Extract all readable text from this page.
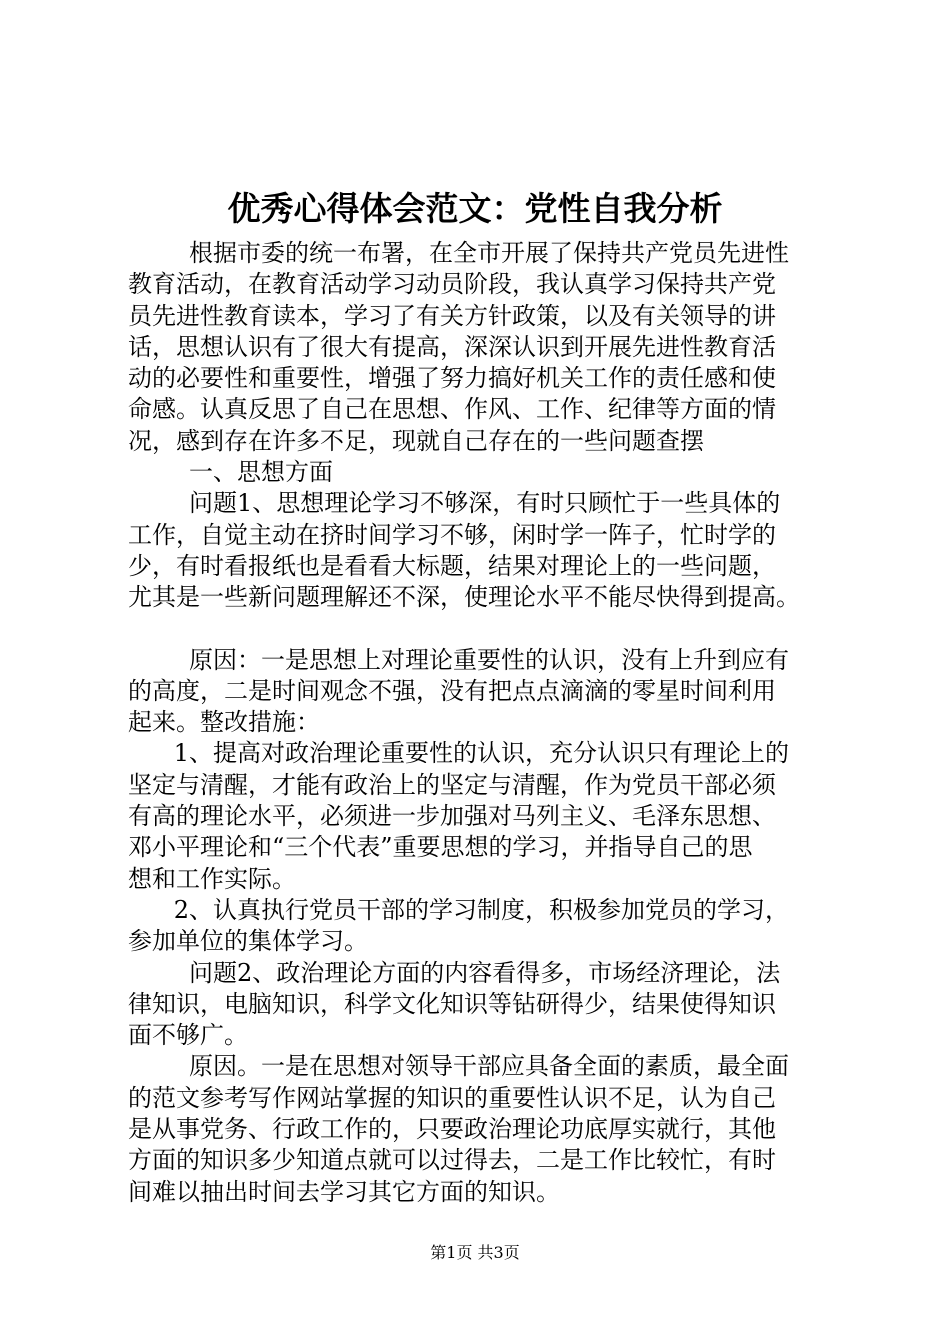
优秀心得体会范文：党性自我分析
根据市委的统一布署，在全市开展了保持共产党员先进性
教育活动，在教育活动学习动员阶段，我认真学习保持共产党
员先进性教育读本，学习了有关方针政策，以及有关领导的讲
话，思想认识有了很大有提高，深深认识到开展先进性教育活
动的必要性和重要性，增强了努力搞好机关工作的责任感和使
命感。认真反思了自己在思想、作风、工作、纪律等方面的情
况，感到存在许多不足，现就自己存在的一些问题查摆
一、思想方面
问题1、思想理论学习不够深，有时只顾忙于一些具体的
工作，自觉主动在挤时间学习不够，闲时学一阵子，忙时学的
少，有时看报纸也是看看大标题，结果对理论上的一些问题，
尤其是一些新问题理解还不深，使理论水平不能尽快得到提高。
原因：一是思想上对理论重要性的认识，没有上升到应有
的高度，二是时间观念不强，没有把点点滴滴的零星时间利用
起来。整改措施：
1、提高对政治理论重要性的认识，充分认识只有理论上的
坚定与清醒，才能有政治上的坚定与清醒，作为党员干部必须
有高的理论水平，必须进一步加强对马列主义、毛泽东思想、
邓小平理论和“三个代表”重要思想的学习，并指导自己的思
想和工作实际。
2、认真执行党员干部的学习制度，积极参加党员的学习，
参加单位的集体学习。
问题2、政治理论方面的内容看得多，市场经济理论，法
律知识，电脑知识，科学文化知识等钻研得少，结果使得知识
面不够广。
原因。一是在思想对领导干部应具备全面的素质，最全面
的范文参考写作网站掌握的知识的重要性认识不足，认为自己
是从事党务、行政工作的，只要政治理论功底厚实就行，其他
方面的知识多少知道点就可以过得去，二是工作比较忙，有时
间难以抽出时间去学习其它方面的知识。
第1页 共3页
